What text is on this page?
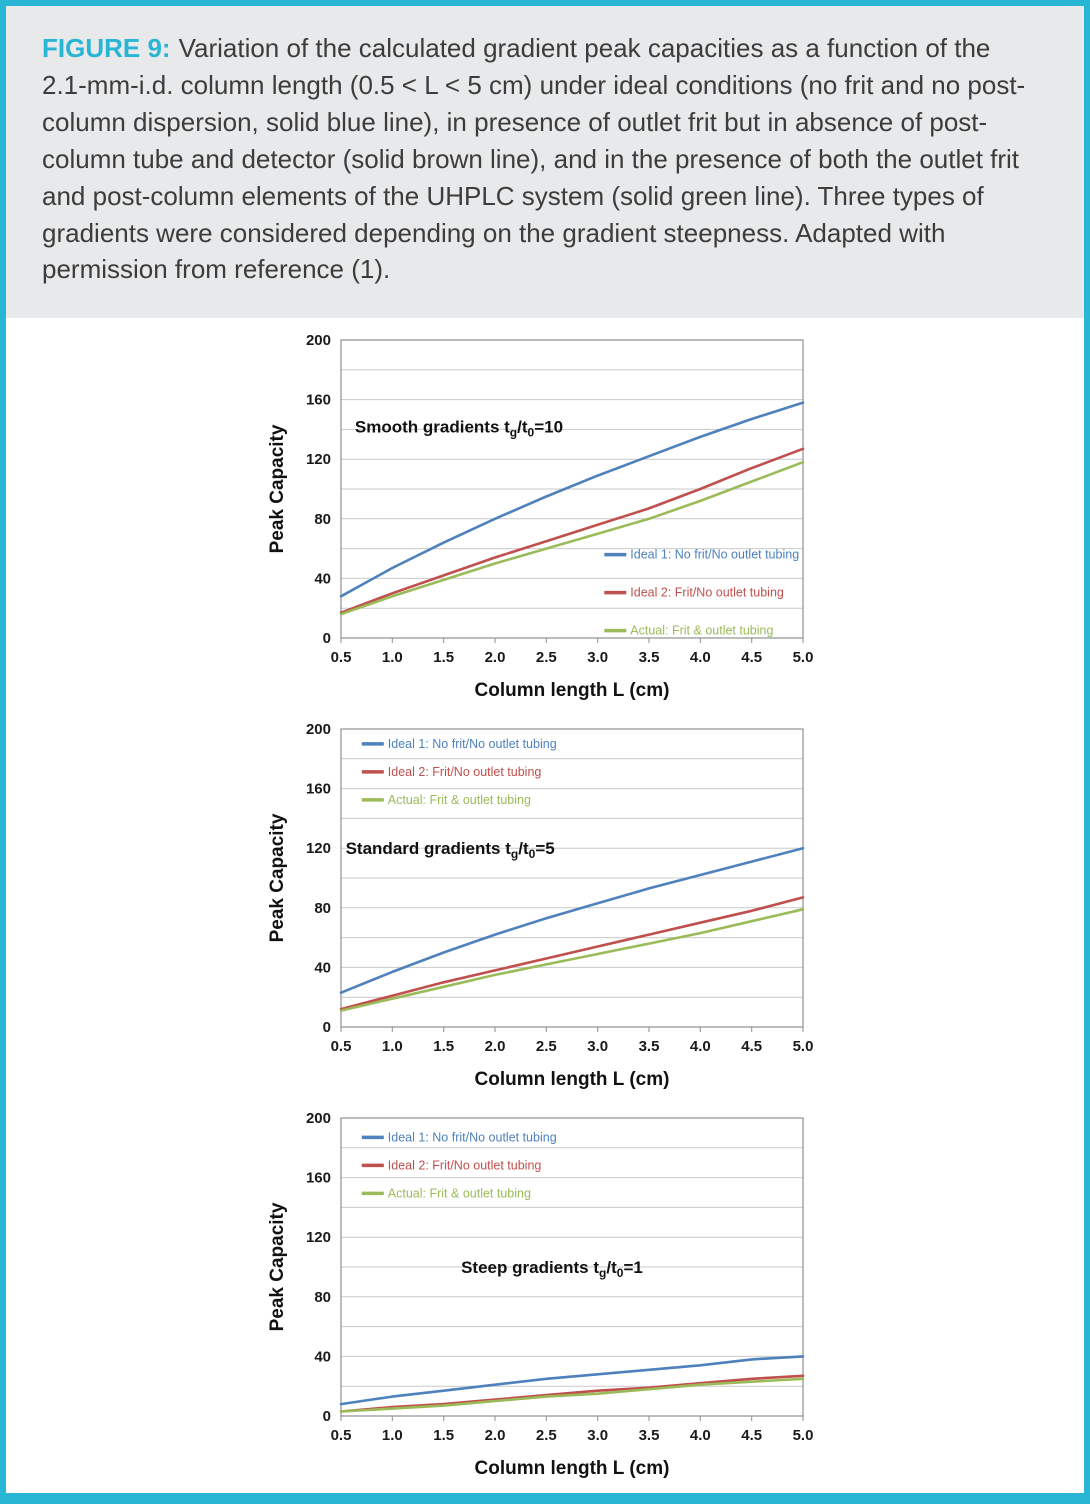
FIGURE 9: Variation of the calculated gradient peak capacities as a function of the 2.1-mm-i.d. column length (0.5 < L < 5 cm) under ideal conditions (no frit and no post-column dispersion, solid blue line), in presence of outlet frit but in absence of post-column tube and detector (solid brown line), and in the presence of both the outlet frit and post-column elements of the UHPLC system (solid green line). Three types of gradients were considered depending on the gradient steepness. Adapted with permission from reference (1).
0
40
80
120
160
200
0.5 1.0 1.5 2.0 2.5 3.0 3.5 4.0 4.5 5.0
Ideal 1: No frit/No outlet tubing
Ideal 2: Frit/No outlet tubing
Actual: Frit & outlet tubing
Smooth gradients $t_g/t_0=10$
Column length L (cm)
Peak Capacity
0
40
80
120
160
200
0.5 1.0 1.5 2.0 2.5 3.0 3.5 4.0 4.5 5.0
Ideal 1: No frit/No outlet tubing
Ideal 2: Frit/No outlet tubing
Actual: Frit & outlet tubing
Standard gradients $t_g/t_0=5$
Column length L (cm)
Peak Capacity
0
40
80
120
160
200
0.5 1.0 1.5 2.0 2.5 3.0 3.5 4.0 4.5 5.0
Ideal 1: No frit/No outlet tubing
Ideal 2: Frit/No outlet tubing
Actual: Frit & outlet tubing
Steep gradients $t_g/t_0=1$
Column length L (cm)
Peak Capacity
